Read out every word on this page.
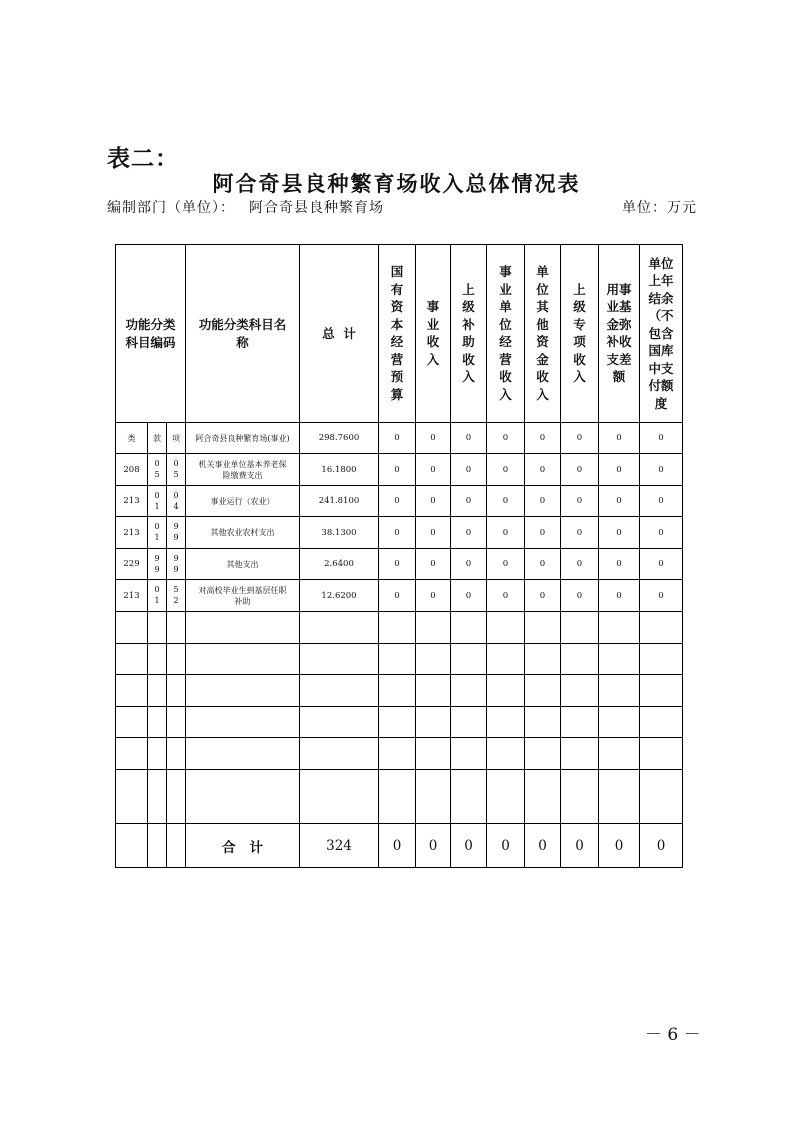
表二：
阿合奇县良种繁育场收入总体情况表
编制部门（单位）： 阿合奇县良种繁育场	单位：万元
功能分类科目编码			功能分类科目名称	总  计	国有资本经营预算	事业收入	上级补助收入	事业单位经营收入	单位其他资金收入	上级专项收入	用事业基金弥补收支差额	单位上年结余（不包含国库中支付额度
类	款	项	阿合奇县良种繁育场(事业)	298.7600	0	0	0	0	0	0	0	0
208	05	05	机关事业单位基本养老保险缴费支出	16.1800	0	0	0	0	0	0	0	0
213	01	04	事业运行（农业）	241.8100	0	0	0	0	0	0	0	0
213	01	99	其他农业农村支出	38.1300	0	0	0	0	0	0	0	0
229	99	99	其他支出	2.6400	0	0	0	0	0	0	0	0
213	01	52	对高校毕业生到基层任职补助	12.6200	0	0	0	0	0	0	0	0

			合   计	324	0	0	0	0	0	0	0	0
－ 6 －
